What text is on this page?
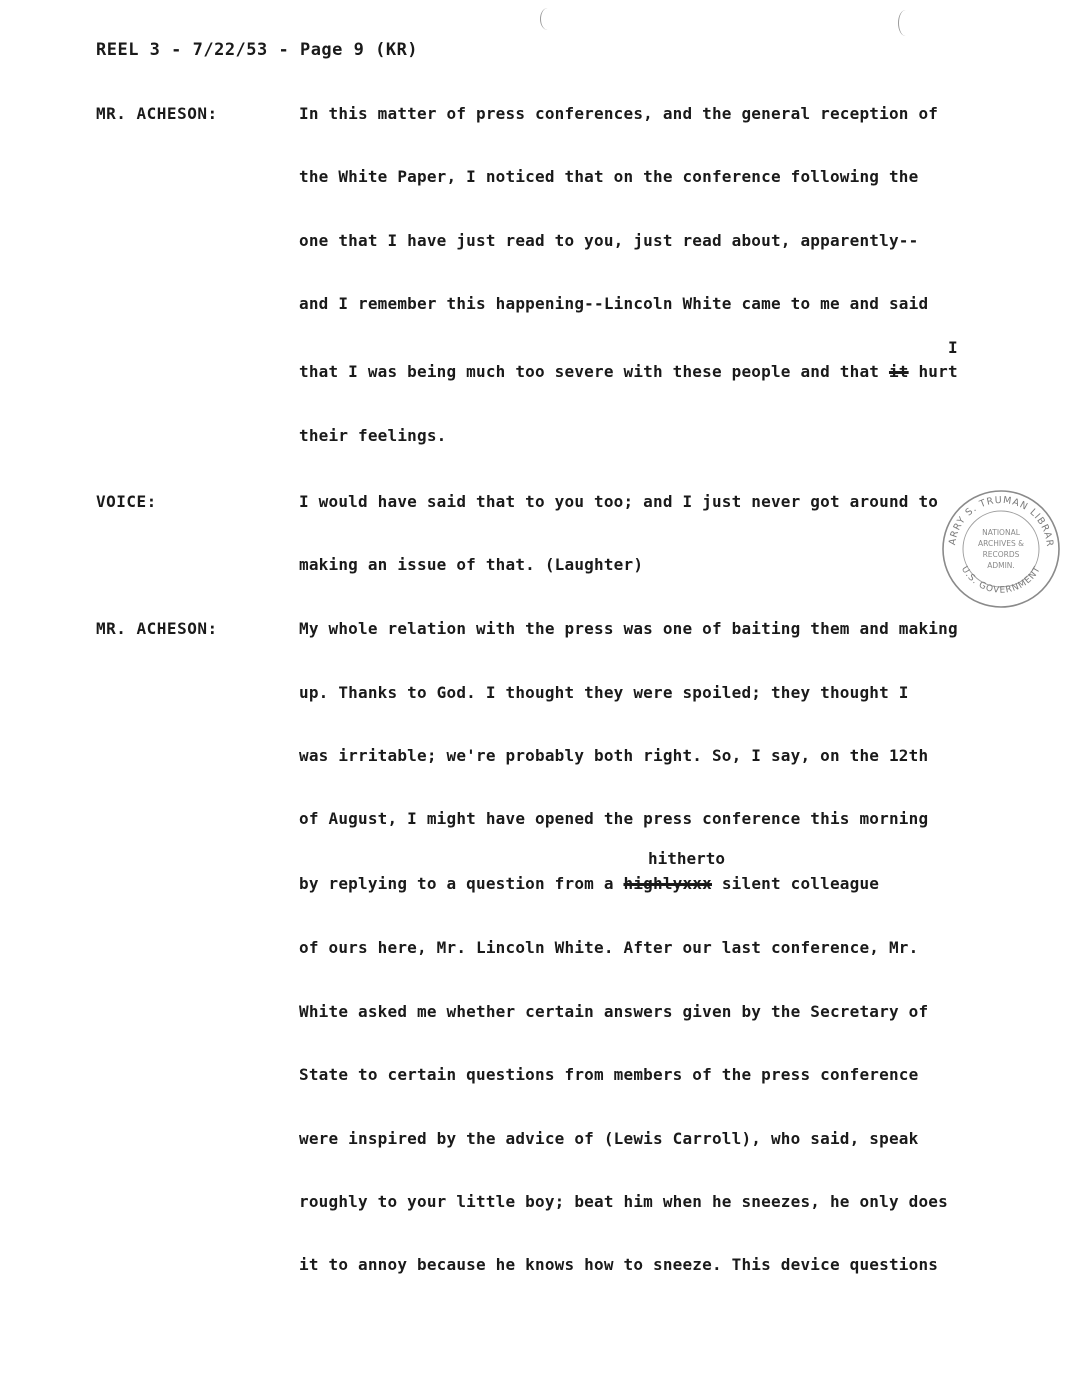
REEL 3 - 7/22/53 - Page 9 (KR)
MR. ACHESON:	In this matter of press conferences, and the general reception of
the White Paper, I noticed that on the conference following the
one that I have just read to you, just read about, apparently--
and I remember this happening--Lincoln White came to me and said
I
that I was being much too severe with these people and that it hurt
their feelings.
VOICE:	I would have said that to you too; and I just never got around to
making an issue of that. (Laughter)
MR. ACHESON:	My whole relation with the press was one of baiting them and making
up. Thanks to God. I thought they were spoiled; they thought I
was irritable; we're probably both right. So, I say, on the 12th
of August, I might have opened the press conference this morning
hitherto
by replying to a question from a highlyxxx silent colleague
of ours here, Mr. Lincoln White. After our last conference, Mr.
White asked me whether certain answers given by the Secretary of
State to certain questions from members of the press conference
were inspired by the advice of (Lewis Carroll), who said, speak
roughly to your little boy; beat him when he sneezes, he only does
it to annoy because he knows how to sneeze. This device questions
ARRY S. TRUMAN LIBRAR
U.S. GOVERNMENT
NATIONAL
ARCHIVES &
RECORDS
ADMIN.
